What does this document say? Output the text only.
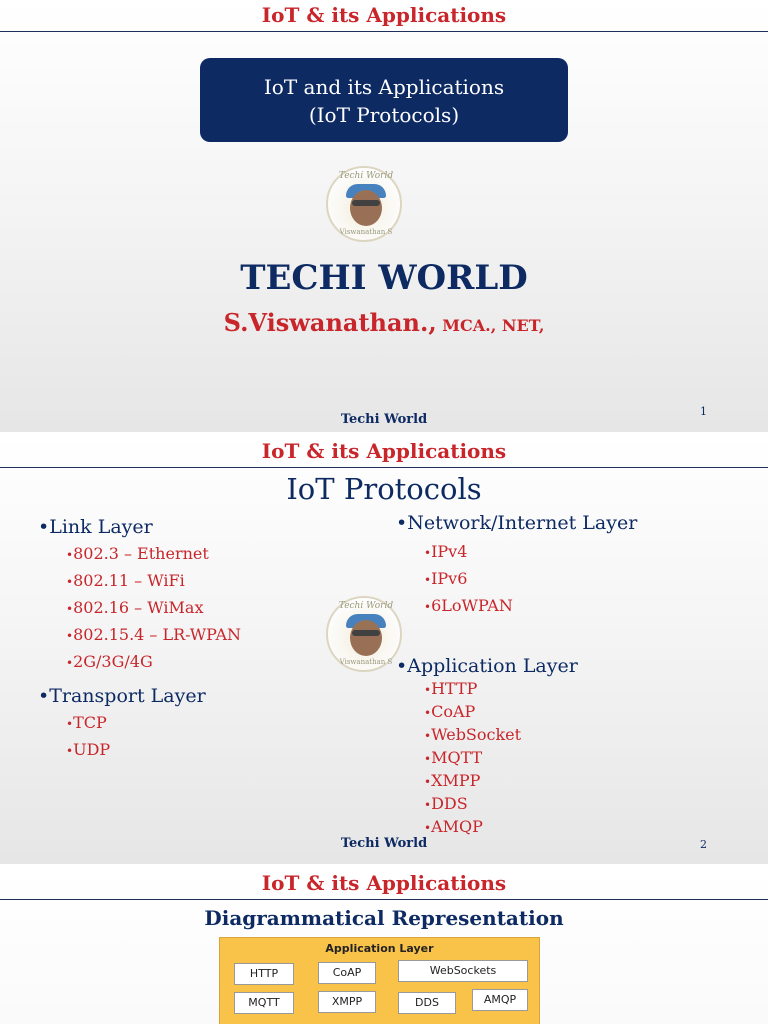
IoT & its Applications
IoT and its Applications
(IoT Protocols)
Techi World
Viswanathan S
TECHI WORLD
S.Viswanathan., MCA., NET,
Techi World
1
IoT & its Applications
IoT Protocols
Techi World
Viswanathan S
• Link Layer
• 802.3 – Ethernet
• 802.11 – WiFi
• 802.16 – WiMax
• 802.15.4 – LR-WPAN
• 2G/3G/4G
• Transport Layer
• TCP
• UDP
• Network/Internet Layer
• IPv4
• IPv6
• 6LoWPAN
• Application Layer
• HTTP
• CoAP
• WebSocket
• MQTT
• XMPP
• DDS
• AMQP
Techi World	2
IoT & its Applications
Diagrammatical Representation
Application Layer
HTTP	CoAP	WebSockets
MQTT	XMPP	DDS	AMQP
